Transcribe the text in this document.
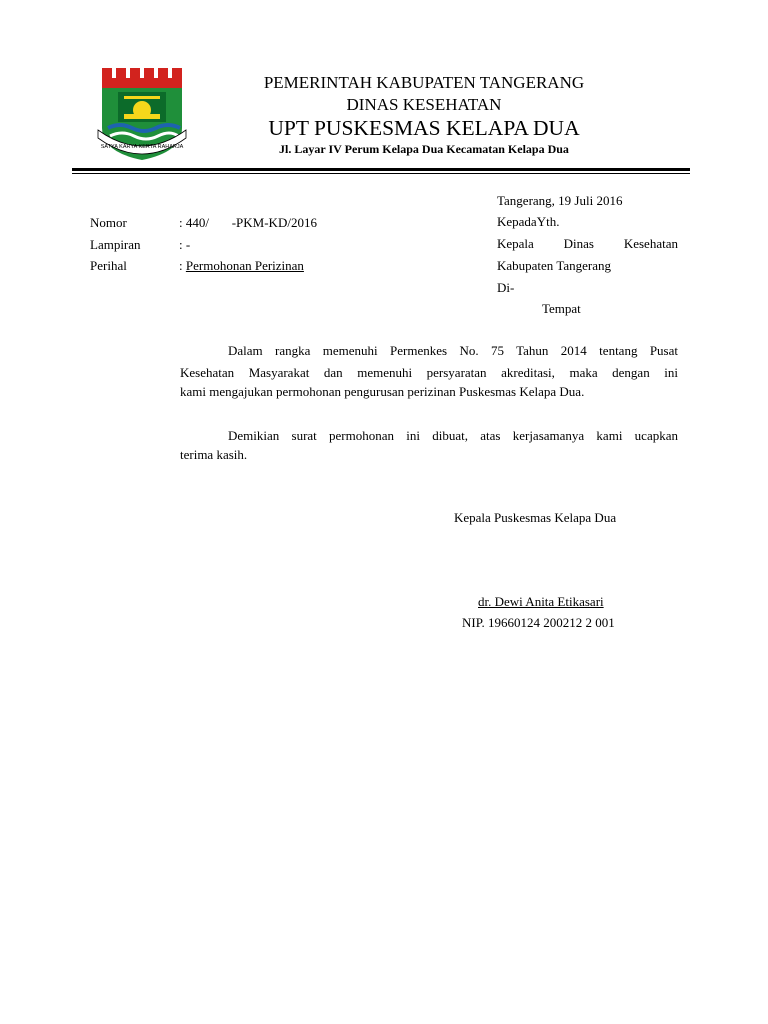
SATYA KARYA KERTA RAHARJA
PEMERINTAH KABUPATEN TANGERANG
DINAS KESEHATAN
UPT PUSKESMAS KELAPA DUA
Jl. Layar IV Perum Kelapa Dua Kecamatan Kelapa Dua
Tangerang, 19 Juli 2016
KepadaYth.
Kepala Dinas Kesehatan
Kabupaten Tangerang
Di-
Tempat
Nomor	: 440/       -PKM-KD/2016
Lampiran	: -
Perihal	: Permohonan Perizinan
Dalam rangka memenuhi Permenkes No. 75 Tahun 2014 tentang Pusat
Kesehatan Masyarakat dan memenuhi persyaratan akreditasi, maka dengan ini
kami mengajukan permohonan pengurusan perizinan Puskesmas Kelapa Dua.
Demikian surat permohonan ini dibuat, atas kerjasamanya kami ucapkan
terima kasih.
Kepala Puskesmas Kelapa Dua
dr. Dewi Anita Etikasari
NIP. 19660124 200212 2 001
